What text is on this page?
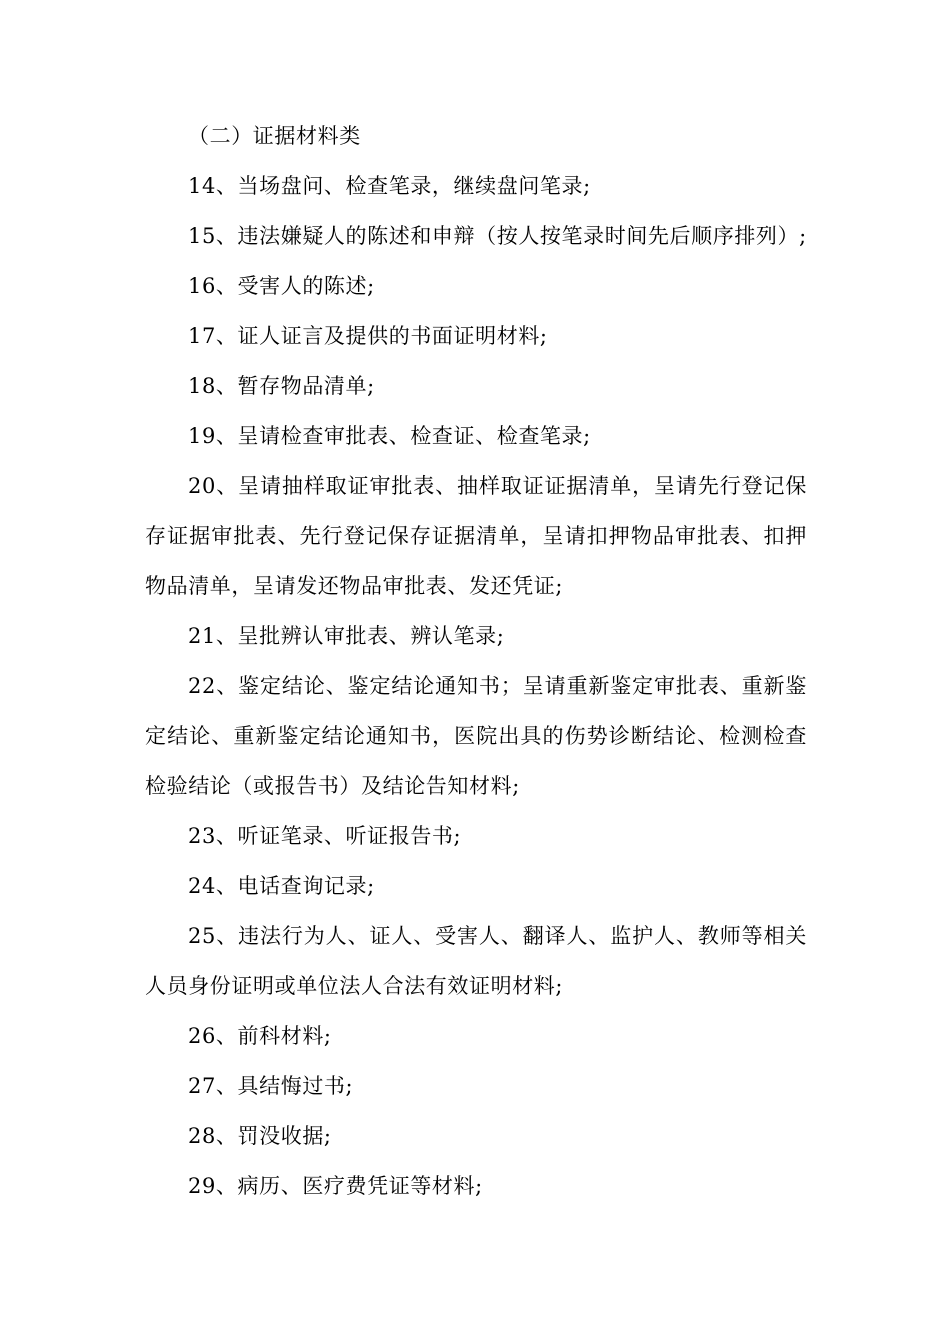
（二）证据材料类

14、当场盘问、检查笔录，继续盘问笔录;

15、违法嫌疑人的陈述和申辩（按人按笔录时间先后顺序排列）;

16、受害人的陈述;

17、证人证言及提供的书面证明材料;

18、暂存物品清单;

19、呈请检查审批表、检查证、检查笔录;

20、呈请抽样取证审批表、抽样取证证据清单，呈请先行登记保存证据审批表、先行登记保存证据清单，呈请扣押物品审批表、扣押物品清单，呈请发还物品审批表、发还凭证;

21、呈批辨认审批表、辨认笔录;

22、鉴定结论、鉴定结论通知书；呈请重新鉴定审批表、重新鉴定结论、重新鉴定结论通知书，医院出具的伤势诊断结论、检测检查检验结论（或报告书）及结论告知材料;

23、听证笔录、听证报告书;

24、电话查询记录;

25、违法行为人、证人、受害人、翻译人、监护人、教师等相关人员身份证明或单位法人合法有效证明材料;

26、前科材料;

27、具结悔过书;

28、罚没收据;

29、病历、医疗费凭证等材料;
